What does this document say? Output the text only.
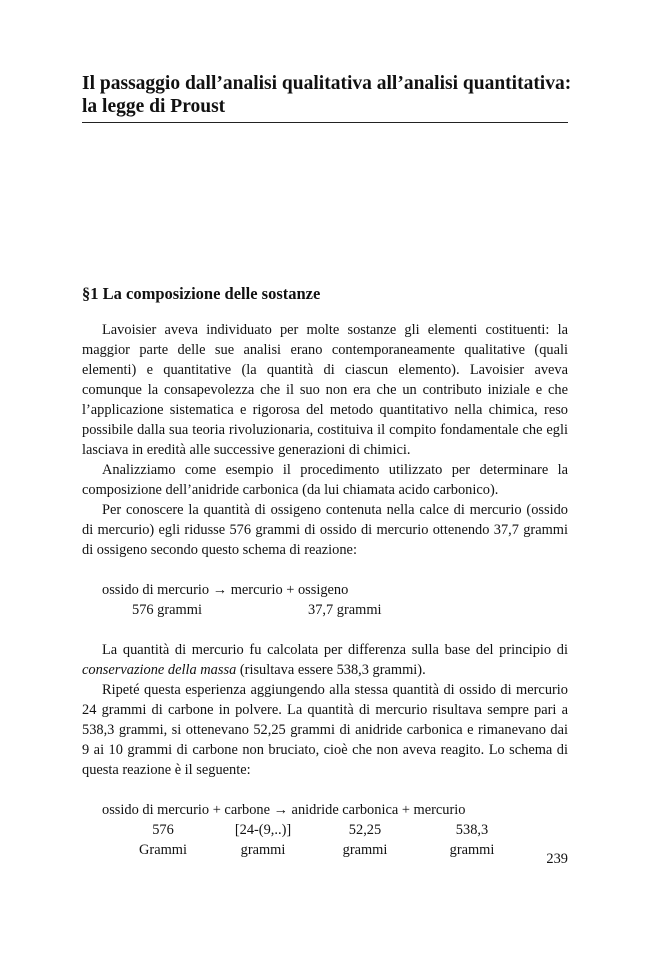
Il passaggio dall’analisi qualitativa all’analisi quantitativa:
la legge di Proust
§1 La composizione delle sostanze

Lavoisier aveva individuato per molte sostanze gli elementi costituenti: la maggior parte delle sue analisi erano contemporaneamente qualitative (quali elementi) e quantitative (la quantità di ciascun elemento). Lavoisier aveva comunque la consapevolezza che il suo non era che un contributo iniziale e che l’applicazione sistematica e rigorosa del metodo quantitativo nella chimica, reso possibile dalla sua teoria rivoluzionaria, costituiva il compito fondamentale che egli lasciava in eredità alle successive generazioni di chimici.

Analizziamo come esempio il procedimento utilizzato per determinare la composizione dell’anidride carbonica (da lui chiamata acido carbonico).

Per conoscere la quantità di ossigeno contenuta nella calce di mercurio (ossido di mercurio) egli ridusse 576 grammi di ossido di mercurio ottenendo 37,7 grammi di ossigeno secondo questo schema di reazione:

ossido di mercurio → mercurio + ossigeno
576 grammi	37,7 grammi

La quantità di mercurio fu calcolata per differenza sulla base del principio di conservazione della massa (risultava essere 538,3 grammi).

Ripeté questa esperienza aggiungendo alla stessa quantità di ossido di mercurio 24 grammi di carbone in polvere. La quantità di mercurio risultava sempre pari a 538,3 grammi, si ottenevano 52,25 grammi di anidride carbonica e rimanevano dai 9 ai 10 grammi di carbone non bruciato, cioè che non aveva reagito. Lo schema di questa reazione è il seguente:

ossido di mercurio + carbone → anidride carbonica + mercurio
576	[24-(9,..)]	52,25	538,3
Grammi	grammi	grammi	grammi
239
